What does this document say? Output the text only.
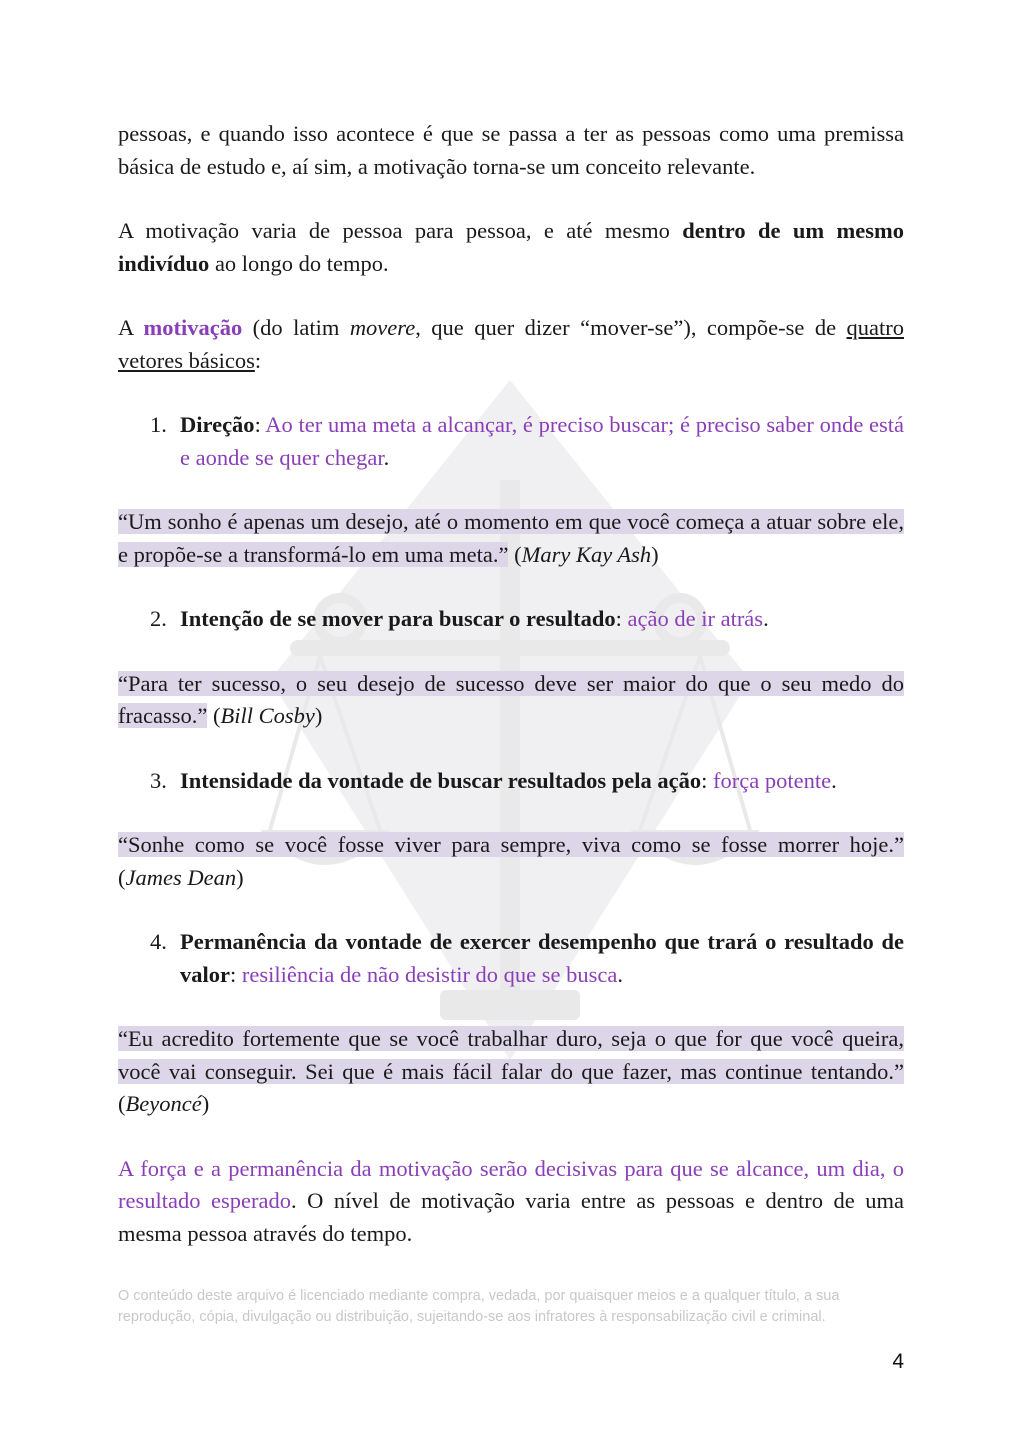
pessoas, e quando isso acontece é que se passa a ter as pessoas como uma premissa básica de estudo e, aí sim, a motivação torna-se um conceito relevante.

A motivação varia de pessoa para pessoa, e até mesmo dentro de um mesmo indivíduo ao longo do tempo.

A motivação (do latim movere, que quer dizer “mover-se”), compõe-se de quatro vetores básicos:

1. Direção: Ao ter uma meta a alcançar, é preciso buscar; é preciso saber onde está e aonde se quer chegar.

“Um sonho é apenas um desejo, até o momento em que você começa a atuar sobre ele, e propõe-se a transformá-lo em uma meta.” (Mary Kay Ash)

2. Intenção de se mover para buscar o resultado: ação de ir atrás.

“Para ter sucesso, o seu desejo de sucesso deve ser maior do que o seu medo do fracasso.” (Bill Cosby)

3. Intensidade da vontade de buscar resultados pela ação: força potente.

“Sonhe como se você fosse viver para sempre, viva como se fosse morrer hoje.” (James Dean)

4. Permanência da vontade de exercer desempenho que trará o resultado de valor: resiliência de não desistir do que se busca.

“Eu acredito fortemente que se você trabalhar duro, seja o que for que você queira, você vai conseguir. Sei que é mais fácil falar do que fazer, mas continue tentando.” (Beyoncé)

A força e a permanência da motivação serão decisivas para que se alcance, um dia, o resultado esperado. O nível de motivação varia entre as pessoas e dentro de uma mesma pessoa através do tempo.

O conteúdo deste arquivo é licenciado mediante compra, vedada, por quaisquer meios e a qualquer título, a sua reprodução, cópia, divulgação ou distribuição, sujeitando-se aos infratores à responsabilização civil e criminal.
4
